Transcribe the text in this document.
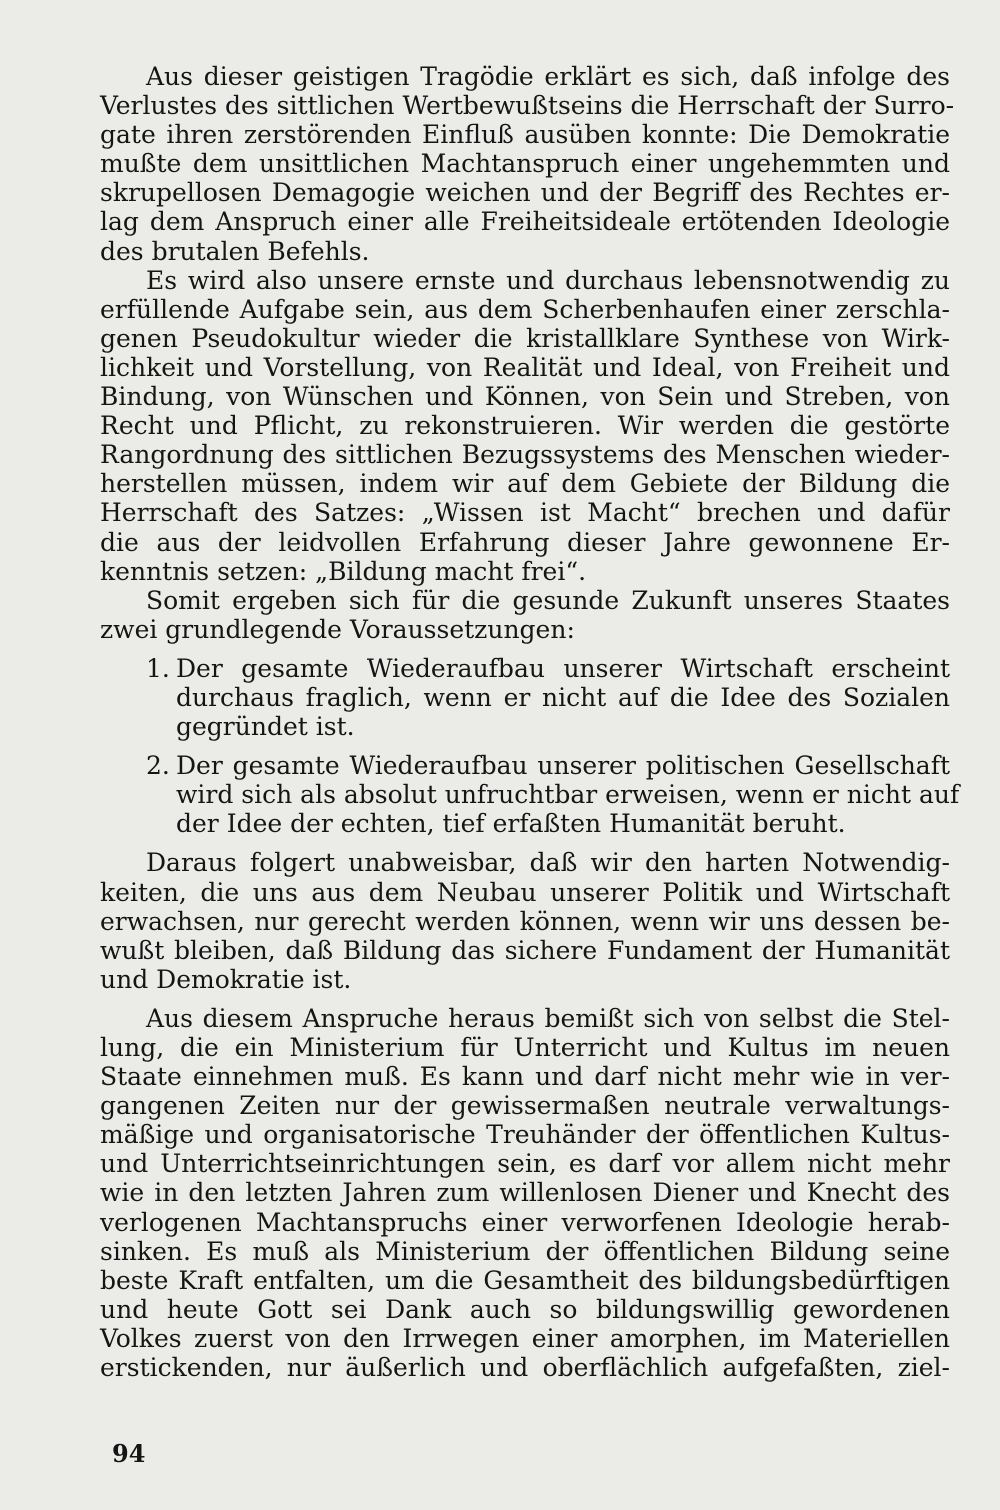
Aus dieser geistigen Tragödie erklärt es sich, daß infolge des
Verlustes des sittlichen Wertbewußtseins die Herrschaft der Surro-
gate ihren zerstörenden Einfluß ausüben konnte: Die Demokratie
mußte dem unsittlichen Machtanspruch einer ungehemmten und
skrupellosen Demagogie weichen und der Begriff des Rechtes er-
lag dem Anspruch einer alle Freiheitsideale ertötenden Ideologie
des brutalen Befehls.
Es wird also unsere ernste und durchaus lebensnotwendig zu
erfüllende Aufgabe sein, aus dem Scherbenhaufen einer zerschla-
genen Pseudokultur wieder die kristallklare Synthese von Wirk-
lichkeit und Vorstellung, von Realität und Ideal, von Freiheit und
Bindung, von Wünschen und Können, von Sein und Streben, von
Recht und Pflicht, zu rekonstruieren. Wir werden die gestörte
Rangordnung des sittlichen Bezugssystems des Menschen wieder-
herstellen müssen, indem wir auf dem Gebiete der Bildung die
Herrschaft des Satzes: „Wissen ist Macht“ brechen und dafür
die aus der leidvollen Erfahrung dieser Jahre gewonnene Er-
kenntnis setzen: „Bildung macht frei“.
Somit ergeben sich für die gesunde Zukunft unseres Staates
zwei grundlegende Voraussetzungen:
1. Der gesamte Wiederaufbau unserer Wirtschaft erscheint
durchaus fraglich, wenn er nicht auf die Idee des Sozialen
gegründet ist.
2. Der gesamte Wiederaufbau unserer politischen Gesellschaft
wird sich als absolut unfruchtbar erweisen, wenn er nicht auf
der Idee der echten, tief erfaßten Humanität beruht.
Daraus folgert unabweisbar, daß wir den harten Notwendig-
keiten, die uns aus dem Neubau unserer Politik und Wirtschaft
erwachsen, nur gerecht werden können, wenn wir uns dessen be-
wußt bleiben, daß Bildung das sichere Fundament der Humanität
und Demokratie ist.
Aus diesem Anspruche heraus bemißt sich von selbst die Stel-
lung, die ein Ministerium für Unterricht und Kultus im neuen
Staate einnehmen muß. Es kann und darf nicht mehr wie in ver-
gangenen Zeiten nur der gewissermaßen neutrale verwaltungs-
mäßige und organisatorische Treuhänder der öffentlichen Kultus-
und Unterrichtseinrichtungen sein, es darf vor allem nicht mehr
wie in den letzten Jahren zum willenlosen Diener und Knecht des
verlogenen Machtanspruchs einer verworfenen Ideologie herab-
sinken. Es muß als Ministerium der öffentlichen Bildung seine
beste Kraft entfalten, um die Gesamtheit des bildungsbedürftigen
und heute Gott sei Dank auch so bildungswillig gewordenen
Volkes zuerst von den Irrwegen einer amorphen, im Materiellen
erstickenden, nur äußerlich und oberflächlich aufgefaßten, ziel-
94
